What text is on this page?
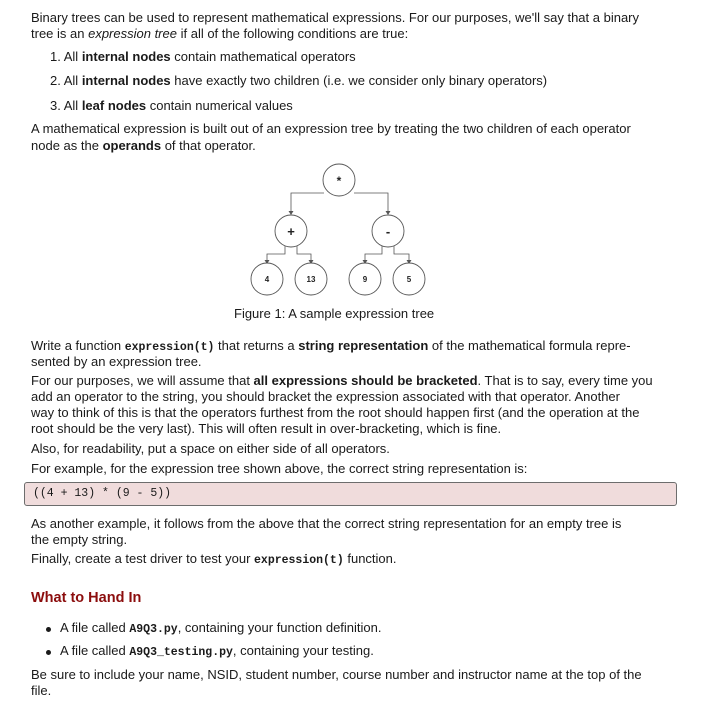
Binary trees can be used to represent mathematical expressions. For our purposes, we'll say that a binary
tree is an expression tree if all of the following conditions are true:
1. All internal nodes contain mathematical operators
2. All internal nodes have exactly two children (i.e. we consider only binary operators)
3. All leaf nodes contain numerical values
A mathematical expression is built out of an expression tree by treating the two children of each operator
node as the operands of that operator.
*
+	-
4	13	9	5
Figure 1: A sample expression tree
Write a function expression(t) that returns a string representation of the mathematical formula repre-
sented by an expression tree.
For our purposes, we will assume that all expressions should be bracketed. That is to say, every time you
add an operator to the string, you should bracket the expression associated with that operator. Another
way to think of this is that the operators furthest from the root should happen first (and the operation at the
root should be the very last). This will often result in over-bracketing, which is fine.
Also, for readability, put a space on either side of all operators.
For example, for the expression tree shown above, the correct string representation is:
((4 + 13) * (9 - 5))
As another example, it follows from the above that the correct string representation for an empty tree is
the empty string.
Finally, create a test driver to test your expression(t) function.
What to Hand In
A file called A9Q3.py, containing your function definition.
A file called A9Q3_testing.py, containing your testing.
Be sure to include your name, NSID, student number, course number and instructor name at the top of the
file.
